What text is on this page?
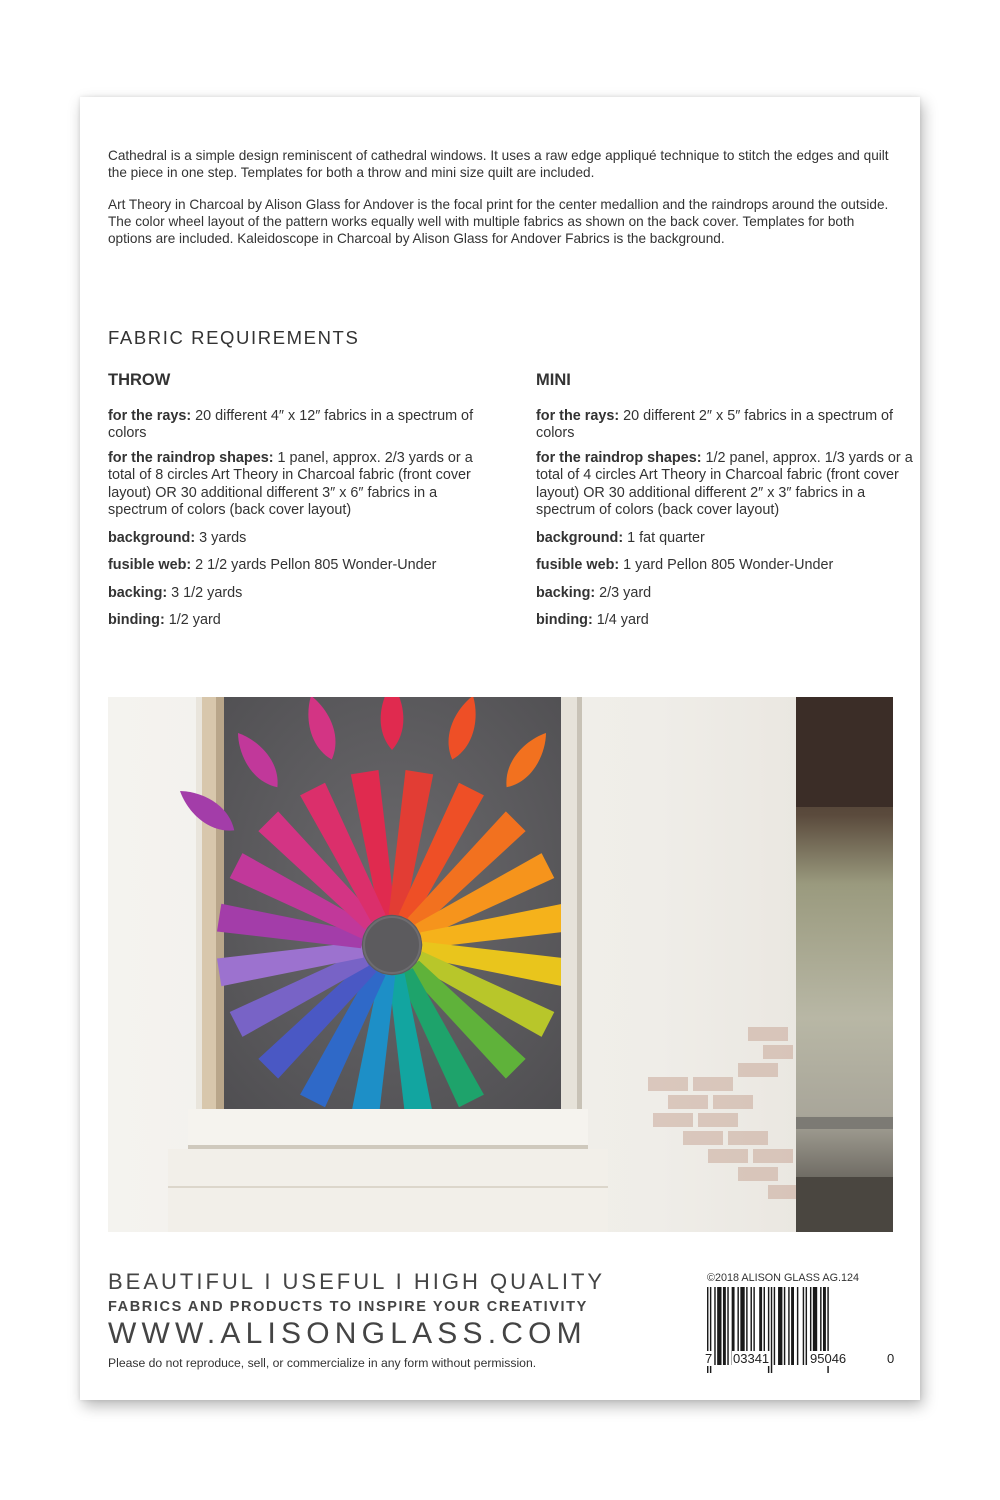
Cathedral is a simple design reminiscent of cathedral windows. It uses a raw edge appliqué technique to stitch the edges and quilt the piece in one step. Templates for both a throw and mini size quilt are included.

Art Theory in Charcoal by Alison Glass for Andover is the focal print for the center medallion and the raindrops around the outside. The color wheel layout of the pattern works equally well with multiple fabrics as shown on the back cover. Templates for both options are included. Kaleidoscope in Charcoal by Alison Glass for Andover Fabrics is the background.

FABRIC REQUIREMENTS
THROW
for the rays: 20 different 4″ x 12″ fabrics in a spectrum of colors
for the raindrop shapes: 1 panel, approx. 2/3 yards or a total of 8 circles Art Theory in Charcoal fabric (front cover layout) OR 30 additional different 3″ x 6″ fabrics in a spectrum of colors (back cover layout)
background: 3 yards
fusible web: 2 1/2 yards Pellon 805 Wonder-Under
backing: 3 1/2 yards
binding: 1/2 yard
MINI
for the rays: 20 different 2″ x 5″ fabrics in a spectrum of colors
for the raindrop shapes: 1/2 panel, approx. 1/3 yards or a total of 4 circles Art Theory in Charcoal fabric (front cover layout) OR 30 additional different 2″ x 3″ fabrics in a spectrum of colors (back cover layout)
background: 1 fat quarter
fusible web: 1 yard Pellon 805 Wonder-Under
backing: 2/3 yard
binding: 1/4 yard
BEAUTIFUL I USEFUL I HIGH QUALITY
FABRICS AND PRODUCTS TO INSPIRE YOUR CREATIVITY
WWW.ALISONGLASS.COM
Please do not reproduce, sell, or commercialize in any form without permission.
©2018 ALISON GLASS AG.124
7 03341	95046	0
